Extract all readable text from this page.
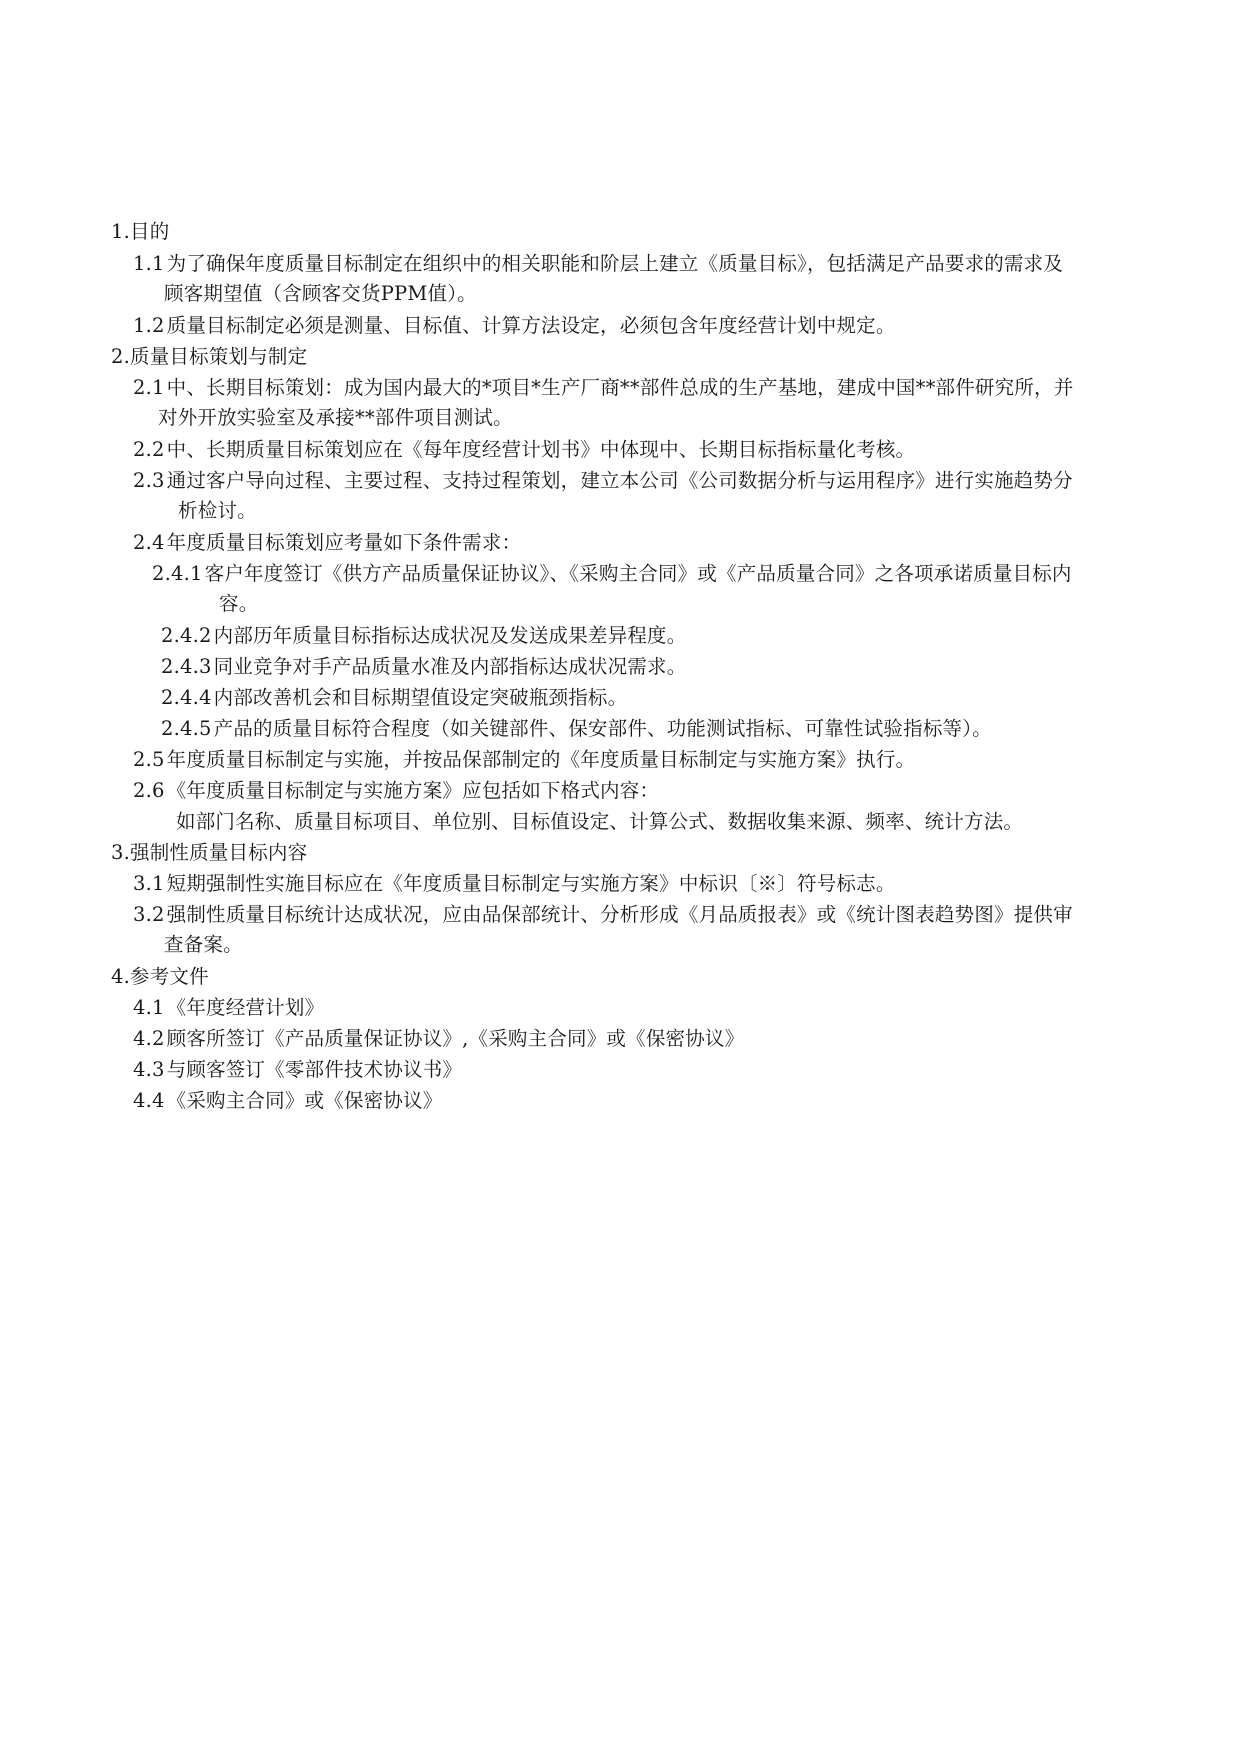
1.目的
1.1 为了确保年度质量目标制定在组织中的相关职能和阶层上建立《质量目标》，包括满足产品要求的需求及
顾客期望值（含顾客交货PPM值）。
1.2 质量目标制定必须是测量、目标值、计算方法设定，必须包含年度经营计划中规定。
2.质量目标策划与制定
2.1 中、长期目标策划：成为国内最大的*项目*生产厂商**部件总成的生产基地，建成中国**部件研究所，并
对外开放实验室及承接**部件项目测试。
2.2 中、长期质量目标策划应在《每年度经营计划书》中体现中、长期目标指标量化考核。
2.3 通过客户导向过程、主要过程、支持过程策划，建立本公司《公司数据分析与运用程序》进行实施趋势分
析检讨。
2.4 年度质量目标策划应考量如下条件需求：
2.4.1 客户年度签订《供方产品质量保证协议》、《采购主合同》或《产品质量合同》之各项承诺质量目标内
容。
2.4.2 内部历年质量目标指标达成状况及发送成果差异程度。
2.4.3 同业竞争对手产品质量水准及内部指标达成状况需求。
2.4.4 内部改善机会和目标期望值设定突破瓶颈指标。
2.4.5 产品的质量目标符合程度（如关键部件、保安部件、功能测试指标、可靠性试验指标等）。
2.5 年度质量目标制定与实施，并按品保部制定的《年度质量目标制定与实施方案》执行。
2.6 《年度质量目标制定与实施方案》应包括如下格式内容：
如部门名称、质量目标项目、单位别、目标值设定、计算公式、数据收集来源、频率、统计方法。
3.强制性质量目标内容
3.1 短期强制性实施目标应在《年度质量目标制定与实施方案》中标识〔※〕符号标志。
3.2 强制性质量目标统计达成状况，应由品保部统计、分析形成《月品质报表》或《统计图表趋势图》提供审
查备案。
4.参考文件
4.1 《年度经营计划》
4.2 顾客所签订《产品质量保证协议》,《采购主合同》或《保密协议》
4.3 与顾客签订《零部件技术协议书》
4.4 《采购主合同》或《保密协议》
